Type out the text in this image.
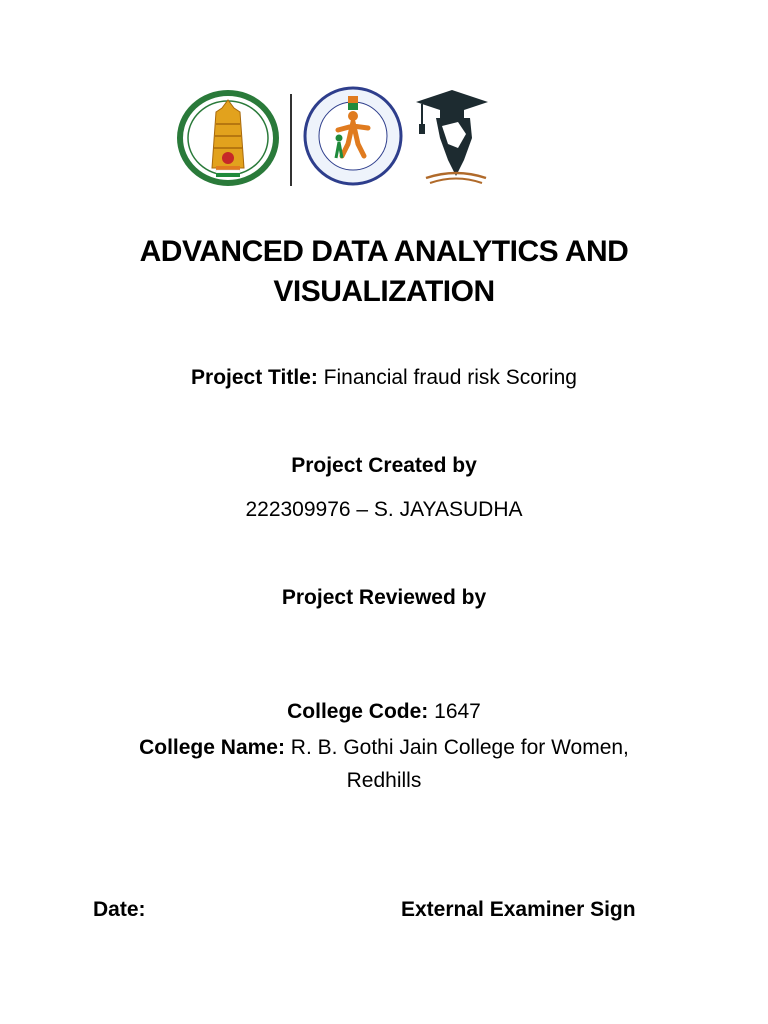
ADVANCED DATA ANALYTICS AND
VISUALIZATION
Project Title: Financial fraud risk Scoring
Project Created by
222309976 – S. JAYASUDHA
Project Reviewed by
College Code: 1647
College Name: R. B. Gothi Jain College for Women,
Redhills
Date:	External Examiner Sign
